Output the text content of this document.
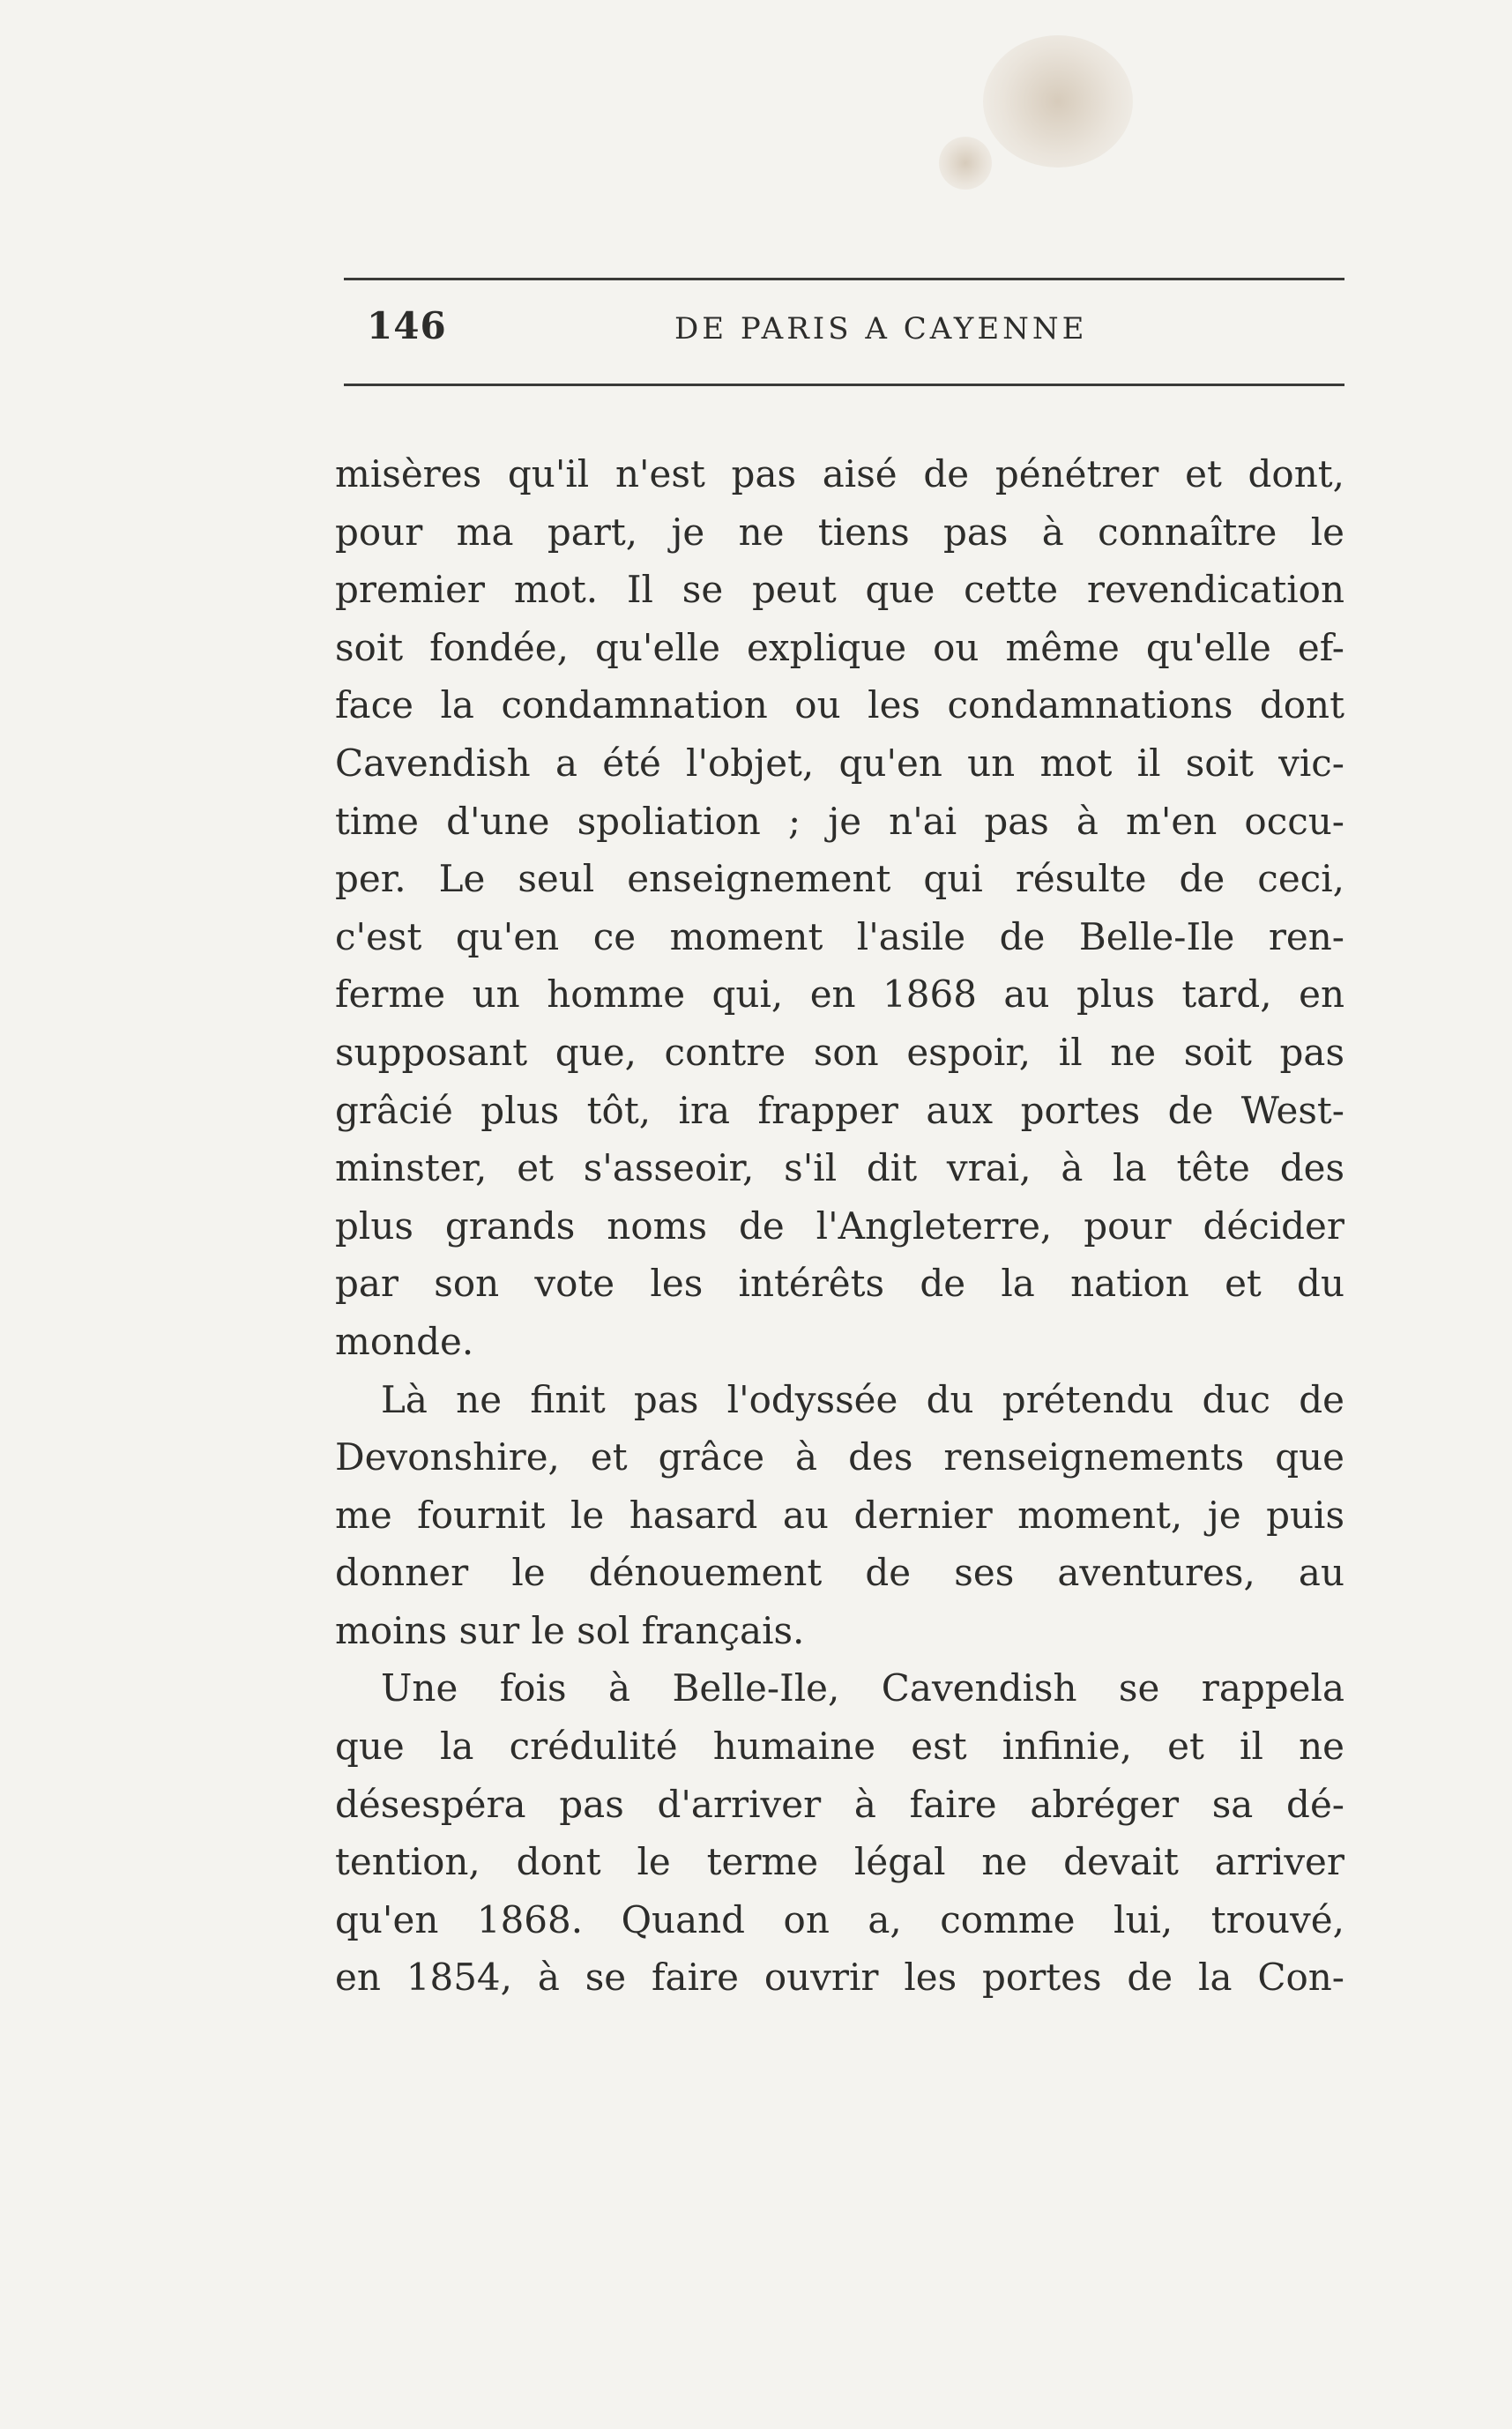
146	DE PARIS A CAYENNE
misères qu'il n'est pas aisé de pénétrer et dont,
pour ma part, je ne tiens pas à connaître le
premier mot. Il se peut que cette revendication
soit fondée, qu'elle explique ou même qu'elle ef-
face la condamnation ou les condamnations dont
Cavendish a été l'objet, qu'en un mot il soit vic-
time d'une spoliation ; je n'ai pas à m'en occu-
per. Le seul enseignement qui résulte de ceci,
c'est qu'en ce moment l'asile de Belle-Ile ren-
ferme un homme qui, en 1868 au plus tard, en
supposant que, contre son espoir, il ne soit pas
grâcié plus tôt, ira frapper aux portes de West-
minster, et s'asseoir, s'il dit vrai, à la tête des
plus grands noms de l'Angleterre, pour décider
par son vote les intérêts de la nation et du
monde.
Là ne finit pas l'odyssée du prétendu duc de
Devonshire, et grâce à des renseignements que
me fournit le hasard au dernier moment, je puis
donner le dénouement de ses aventures, au
moins sur le sol français.
Une fois à Belle-Ile, Cavendish se rappela
que la crédulité humaine est infinie, et il ne
désespéra pas d'arriver à faire abréger sa dé-
tention, dont le terme légal ne devait arriver
qu'en 1868. Quand on a, comme lui, trouvé,
en 1854, à se faire ouvrir les portes de la Con-
